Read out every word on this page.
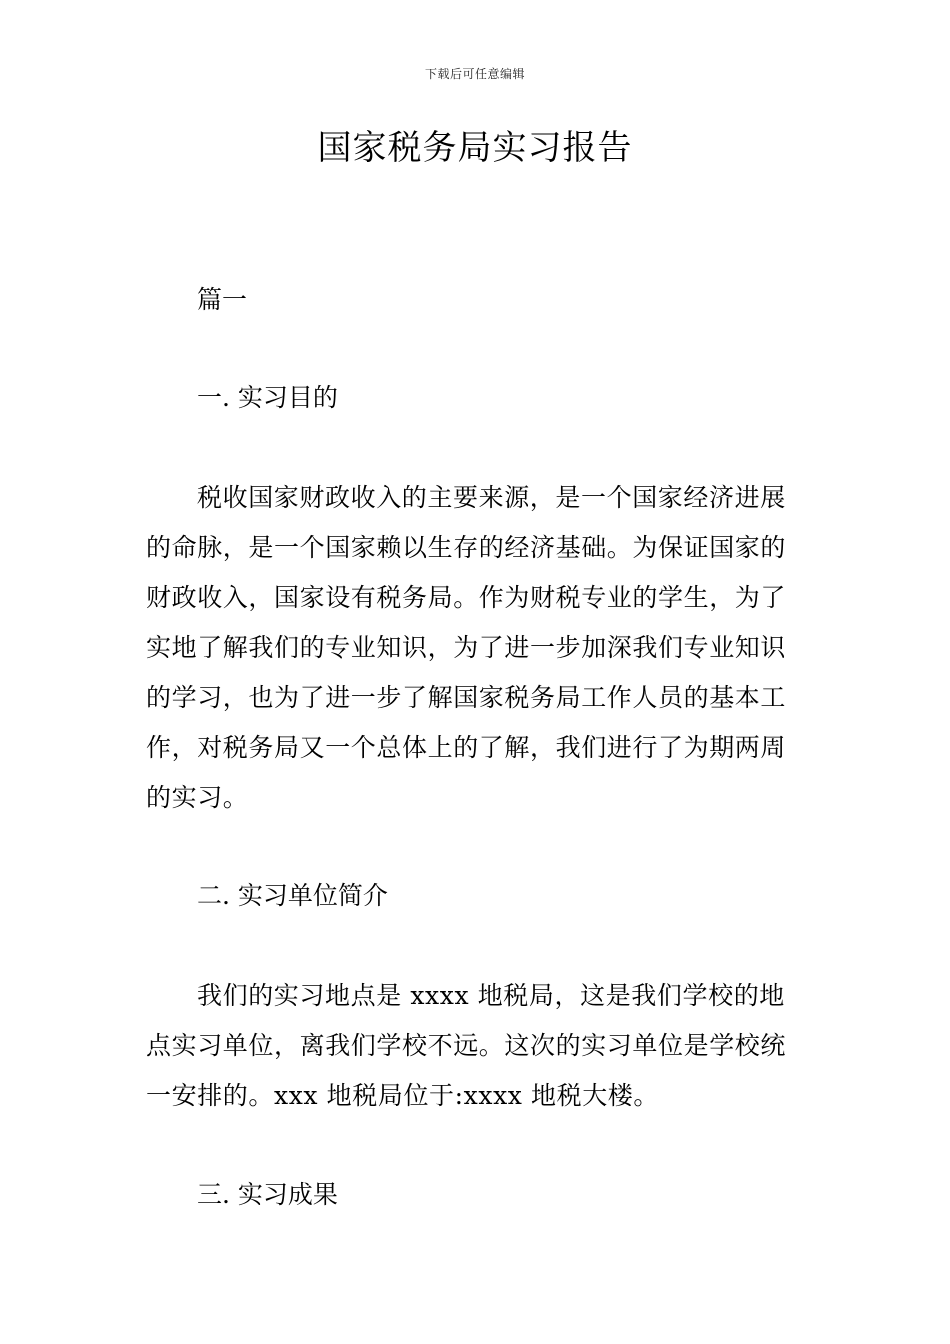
下载后可任意编辑
国家税务局实习报告
篇一
一. 实习目的

税收国家财政收入的主要来源，是一个国家经济进展的命脉，是一个国家赖以生存的经济基础。为保证国家的财政收入，国家设有税务局。作为财税专业的学生，为了实地了解我们的专业知识，为了进一步加深我们专业知识的学习，也为了进一步了解国家税务局工作人员的基本工作，对税务局又一个总体上的了解，我们进行了为期两周的实习。

二. 实习单位简介

我们的实习地点是 xxxx 地税局，这是我们学校的地点实习单位，离我们学校不远。这次的实习单位是学校统一安排的。xxx 地税局位于:xxxx 地税大楼。

三. 实习成果
